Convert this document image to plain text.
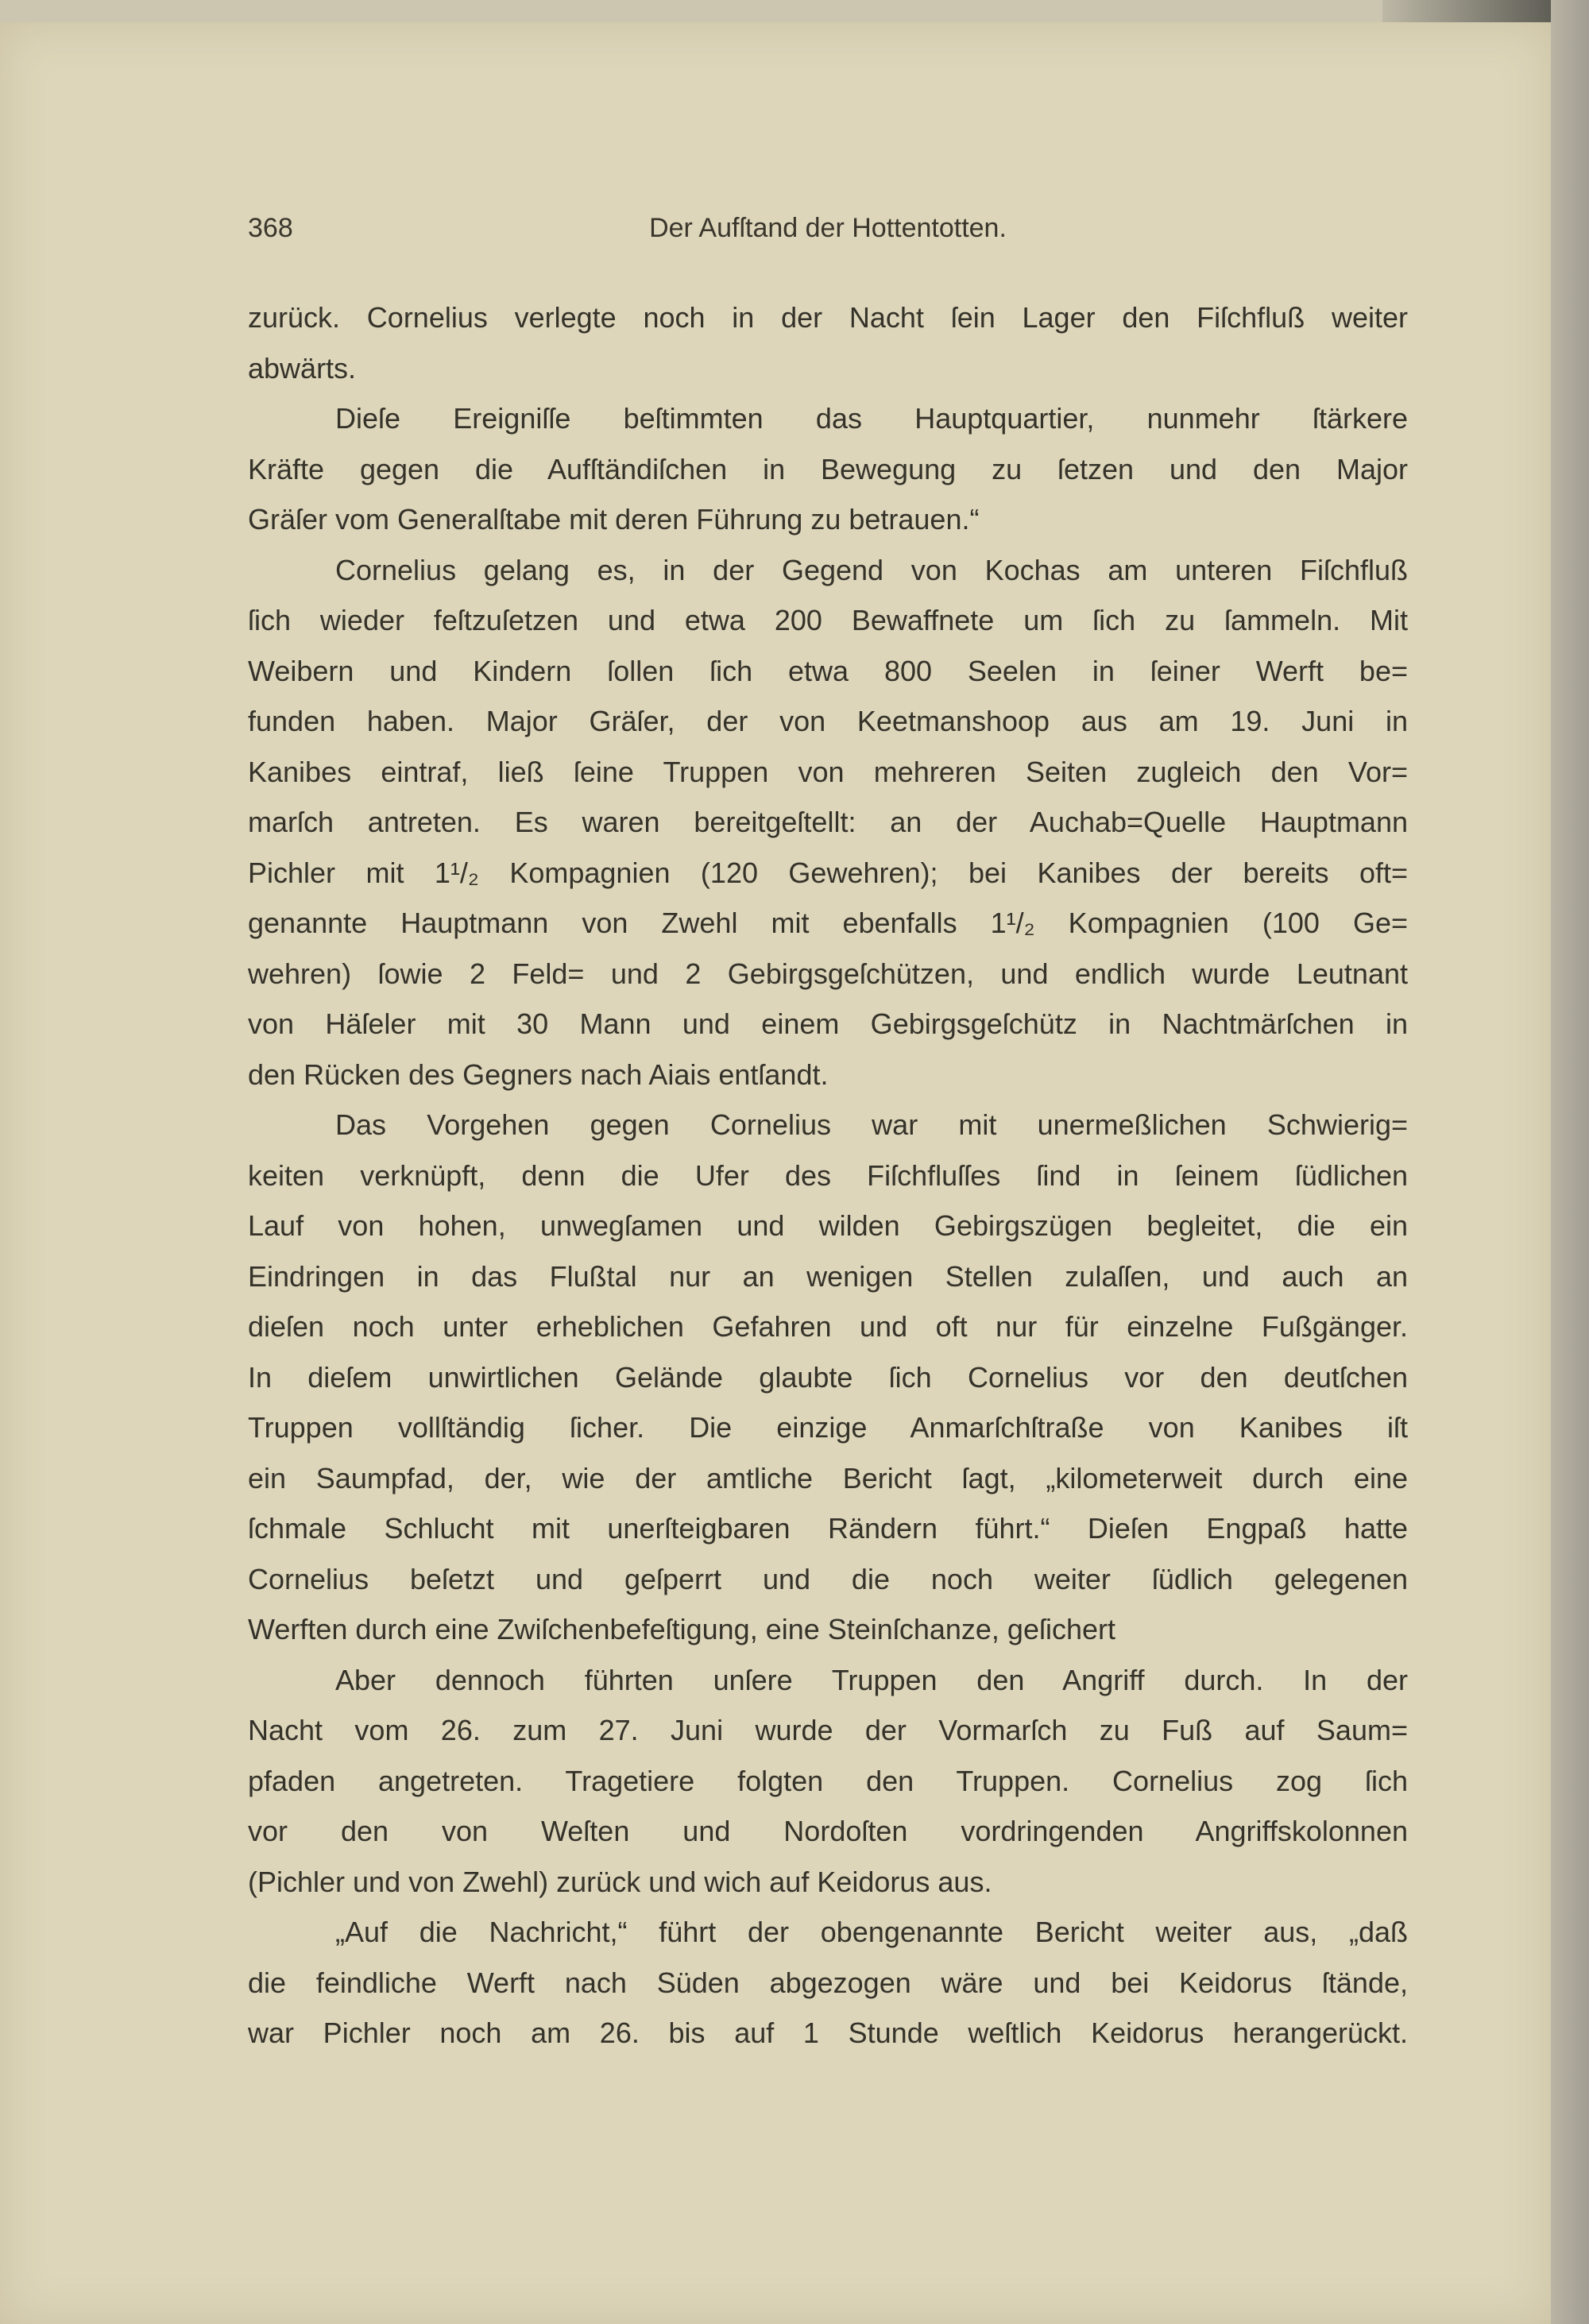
368	Der Aufſtand der Hottentotten.
zurück. Cornelius verlegte noch in der Nacht ſein Lager den Fiſchfluß weiter
abwärts.
Dieſe Ereigniſſe beſtimmten das Hauptquartier, nunmehr ſtärkere
Kräfte gegen die Aufſtändiſchen in Bewegung zu ſetzen und den Major
Gräſer vom Generalſtabe mit deren Führung zu betrauen.“
Cornelius gelang es, in der Gegend von Kochas am unteren Fiſchfluß
ſich wieder feſtzuſetzen und etwa 200 Bewaffnete um ſich zu ſammeln. Mit
Weibern und Kindern ſollen ſich etwa 800 Seelen in ſeiner Werft be=
funden haben. Major Gräſer, der von Keetmanshoop aus am 19. Juni in
Kanibes eintraf, ließ ſeine Truppen von mehreren Seiten zugleich den Vor=
marſch antreten. Es waren bereitgeſtellt: an der Auchab=Quelle Hauptmann
Pichler mit 1¹/₂ Kompagnien (120 Gewehren); bei Kanibes der bereits oft=
genannte Hauptmann von Zwehl mit ebenfalls 1¹/₂ Kompagnien (100 Ge=
wehren) ſowie 2 Feld= und 2 Gebirgsgeſchützen, und endlich wurde Leutnant
von Häſeler mit 30 Mann und einem Gebirgsgeſchütz in Nachtmärſchen in
den Rücken des Gegners nach Aiais entſandt.
Das Vorgehen gegen Cornelius war mit unermeßlichen Schwierig=
keiten verknüpft, denn die Ufer des Fiſchfluſſes ſind in ſeinem ſüdlichen
Lauf von hohen, unwegſamen und wilden Gebirgszügen begleitet, die ein
Eindringen in das Flußtal nur an wenigen Stellen zulaſſen, und auch an
dieſen noch unter erheblichen Gefahren und oft nur für einzelne Fußgänger.
In dieſem unwirtlichen Gelände glaubte ſich Cornelius vor den deutſchen
Truppen vollſtändig ſicher. Die einzige Anmarſchſtraße von Kanibes iſt
ein Saumpfad, der, wie der amtliche Bericht ſagt, „kilometerweit durch eine
ſchmale Schlucht mit unerſteigbaren Rändern führt.“ Dieſen Engpaß hatte
Cornelius beſetzt und geſperrt und die noch weiter ſüdlich gelegenen
Werften durch eine Zwiſchenbefeſtigung, eine Steinſchanze, geſichert
Aber dennoch führten unſere Truppen den Angriff durch. In der
Nacht vom 26. zum 27. Juni wurde der Vormarſch zu Fuß auf Saum=
pfaden angetreten. Tragetiere folgten den Truppen. Cornelius zog ſich
vor den von Weſten und Nordoſten vordringenden Angriffskolonnen
(Pichler und von Zwehl) zurück und wich auf Keidorus aus.
„Auf die Nachricht,“ führt der obengenannte Bericht weiter aus, „daß
die feindliche Werft nach Süden abgezogen wäre und bei Keidorus ſtände,
war Pichler noch am 26. bis auf 1 Stunde weſtlich Keidorus herangerückt.
